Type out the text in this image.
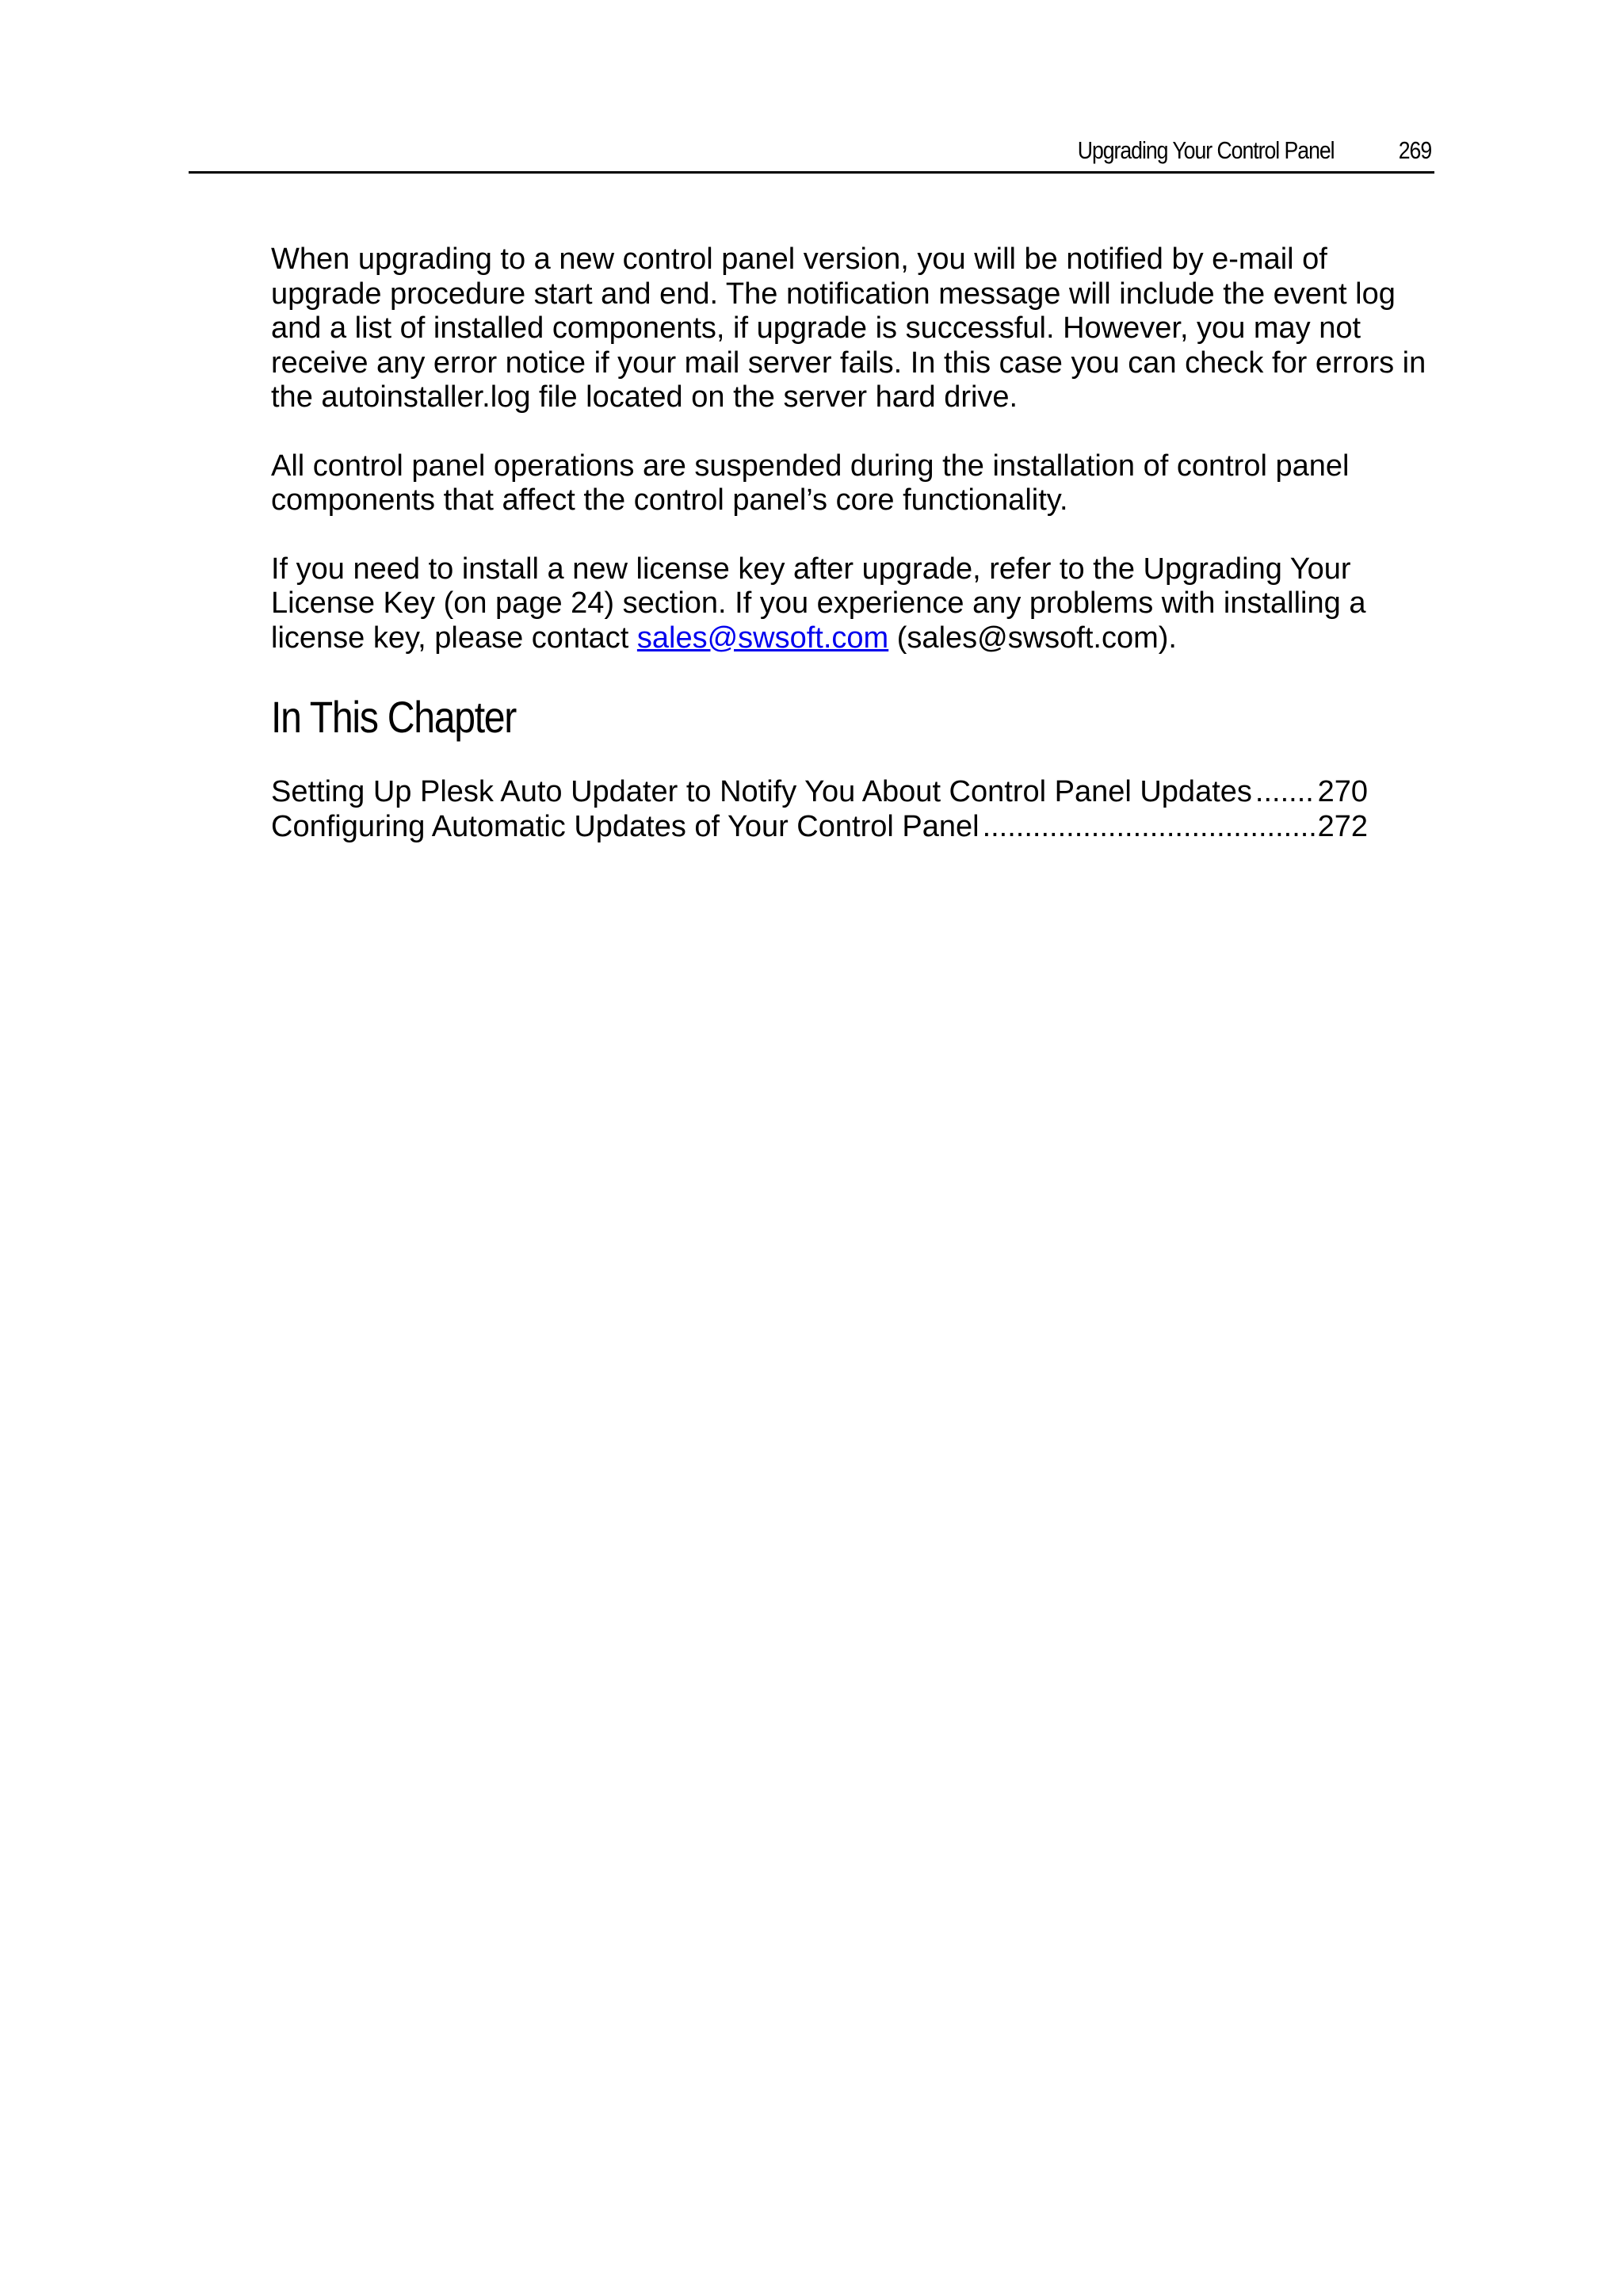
Upgrading Your Control Panel	269

When upgrading to a new control panel version, you will be notified by e-mail of
upgrade procedure start and end. The notification message will include the event log
and a list of installed components, if upgrade is successful. However, you may not
receive any error notice if your mail server fails. In this case you can check for errors in
the autoinstaller.log file located on the server hard drive.

All control panel operations are suspended during the installation of control panel
components that affect the control panel’s core functionality.

If you need to install a new license key after upgrade, refer to the Upgrading Your
License Key (on page 24) section. If you experience any problems with installing a
license key, please contact sales@swsoft.com (sales@swsoft.com).

In This Chapter
Setting Up Plesk Auto Updater to Notify You About Control Panel Updates ..... 270
Configuring Automatic Updates of Your Control Panel .....	272
